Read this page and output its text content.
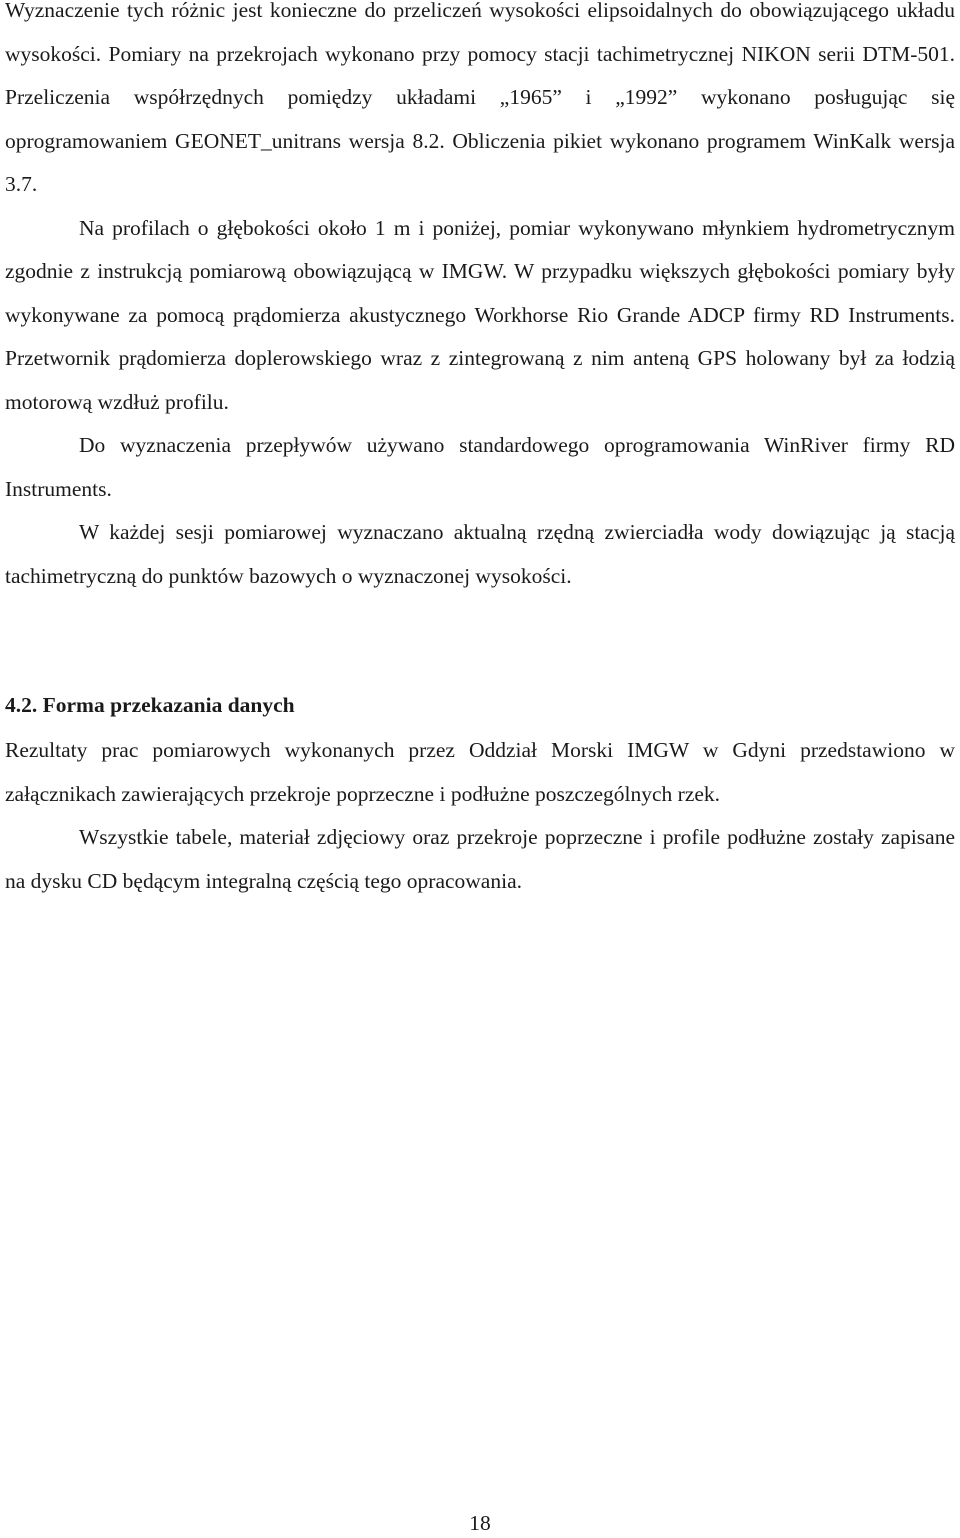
Wyznaczenie tych różnic jest konieczne do przeliczeń wysokości elipsoidalnych do obowiązującego układu wysokości. Pomiary na przekrojach wykonano przy pomocy stacji tachimetrycznej NIKON serii DTM-501. Przeliczenia współrzędnych pomiędzy układami „1965” i „1992” wykonano posługując się oprogramowaniem GEONET_unitrans wersja 8.2. Obliczenia pikiet wykonano programem WinKalk wersja 3.7.

Na profilach o głębokości około 1 m i poniżej, pomiar wykonywano młynkiem hydrometrycznym zgodnie z instrukcją pomiarową obowiązującą w IMGW. W przypadku większych głębokości pomiary były wykonywane za pomocą prądomierza akustycznego Workhorse Rio Grande ADCP firmy RD Instruments. Przetwornik prądomierza doplerowskiego wraz z zintegrowaną z nim anteną GPS holowany był za łodzią motorową wzdłuż profilu.

Do wyznaczenia przepływów używano standardowego oprogramowania WinRiver firmy RD Instruments.

W każdej sesji pomiarowej wyznaczano aktualną rzędną zwierciadła wody dowiązując ją stacją tachimetryczną do punktów bazowych o wyznaczonej wysokości.

4.2. Forma przekazania danych

Rezultaty prac pomiarowych wykonanych przez Oddział Morski IMGW w Gdyni przedstawiono w załącznikach zawierających przekroje poprzeczne i podłużne poszczególnych rzek.

Wszystkie tabele, materiał zdjęciowy oraz przekroje poprzeczne i profile podłużne zostały zapisane na dysku CD będącym integralną częścią tego opracowania.

18
